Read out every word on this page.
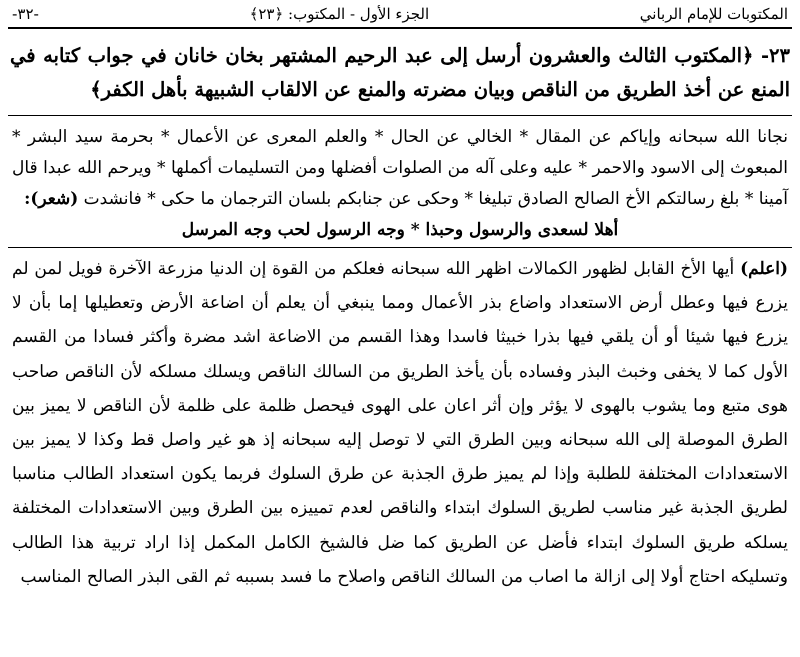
المكتوبات للإمام الرباني
الجزء الأول - المكتوب: ﴿٢٣﴾
-٣٢-
٢٣- ﴿المكتوب الثالث والعشرون أرسل إلى عبد الرحيم المشتهر بخان خانان في جواب كتابه في المنع عن أخذ الطريق من الناقص وبيان مضرته والمنع عن الالقاب الشبيهة بأهل الكفر﴾
نجانا الله سبحانه وإياكم عن المقال * الخالي عن الحال * والعلم المعرى عن الأعمال * بحرمة سيد البشر * المبعوث إلى الاسود والاحمر * عليه وعلى آله من الصلوات أفضلها ومن التسليمات أكملها * ويرحم الله عبدا قال آمينا * بلغ رسالتكم الأخ الصالح الصادق تبليغا * وحكى عن جنابكم بلسان الترجمان ما حكى * فانشدت (شعر):
أهلا لسعدى والرسول وحبذا * وجه الرسول لحب وجه المرسل
(اعلم) أيها الأخ القابل لظهور الكمالات اظهر الله سبحانه فعلكم من القوة إن الدنيا مزرعة الآخرة فويل لمن لم يزرع فيها وعطل أرض الاستعداد واضاع بذر الأعمال ومما ينبغي أن يعلم أن اضاعة الأرض وتعطيلها إما بأن لا يزرع فيها شيئا أو أن يلقي فيها بذرا خبيثا فاسدا وهذا القسم من الاضاعة اشد مضرة وأكثر فسادا من القسم الأول كما لا يخفى وخبث البذر وفساده بأن يأخذ الطريق من السالك الناقص ويسلك مسلكه لأن الناقص صاحب هوى متبع وما يشوب بالهوى لا يؤثر وإن أثر اعان على الهوى فيحصل ظلمة على ظلمة لأن الناقص لا يميز بين الطرق الموصلة إلى الله سبحانه وبين الطرق التي لا توصل إليه سبحانه إذ هو غير واصل قط وكذا لا يميز بين الاستعدادات المختلفة للطلبة وإذا لم يميز طرق الجذبة عن طرق السلوك فربما يكون استعداد الطالب مناسبا لطريق الجذبة غير مناسب لطريق السلوك ابتداء والناقص لعدم تمييزه بين الطرق وبين الاستعدادات المختلفة يسلكه طريق السلوك ابتداء فأضل عن الطريق كما ضل فالشيخ الكامل المكمل إذا اراد تربية هذا الطالب وتسليكه احتاج أولا إلى ازالة ما اصاب من السالك الناقص واصلاح ما فسد بسببه ثم القى البذر الصالح المناسب
